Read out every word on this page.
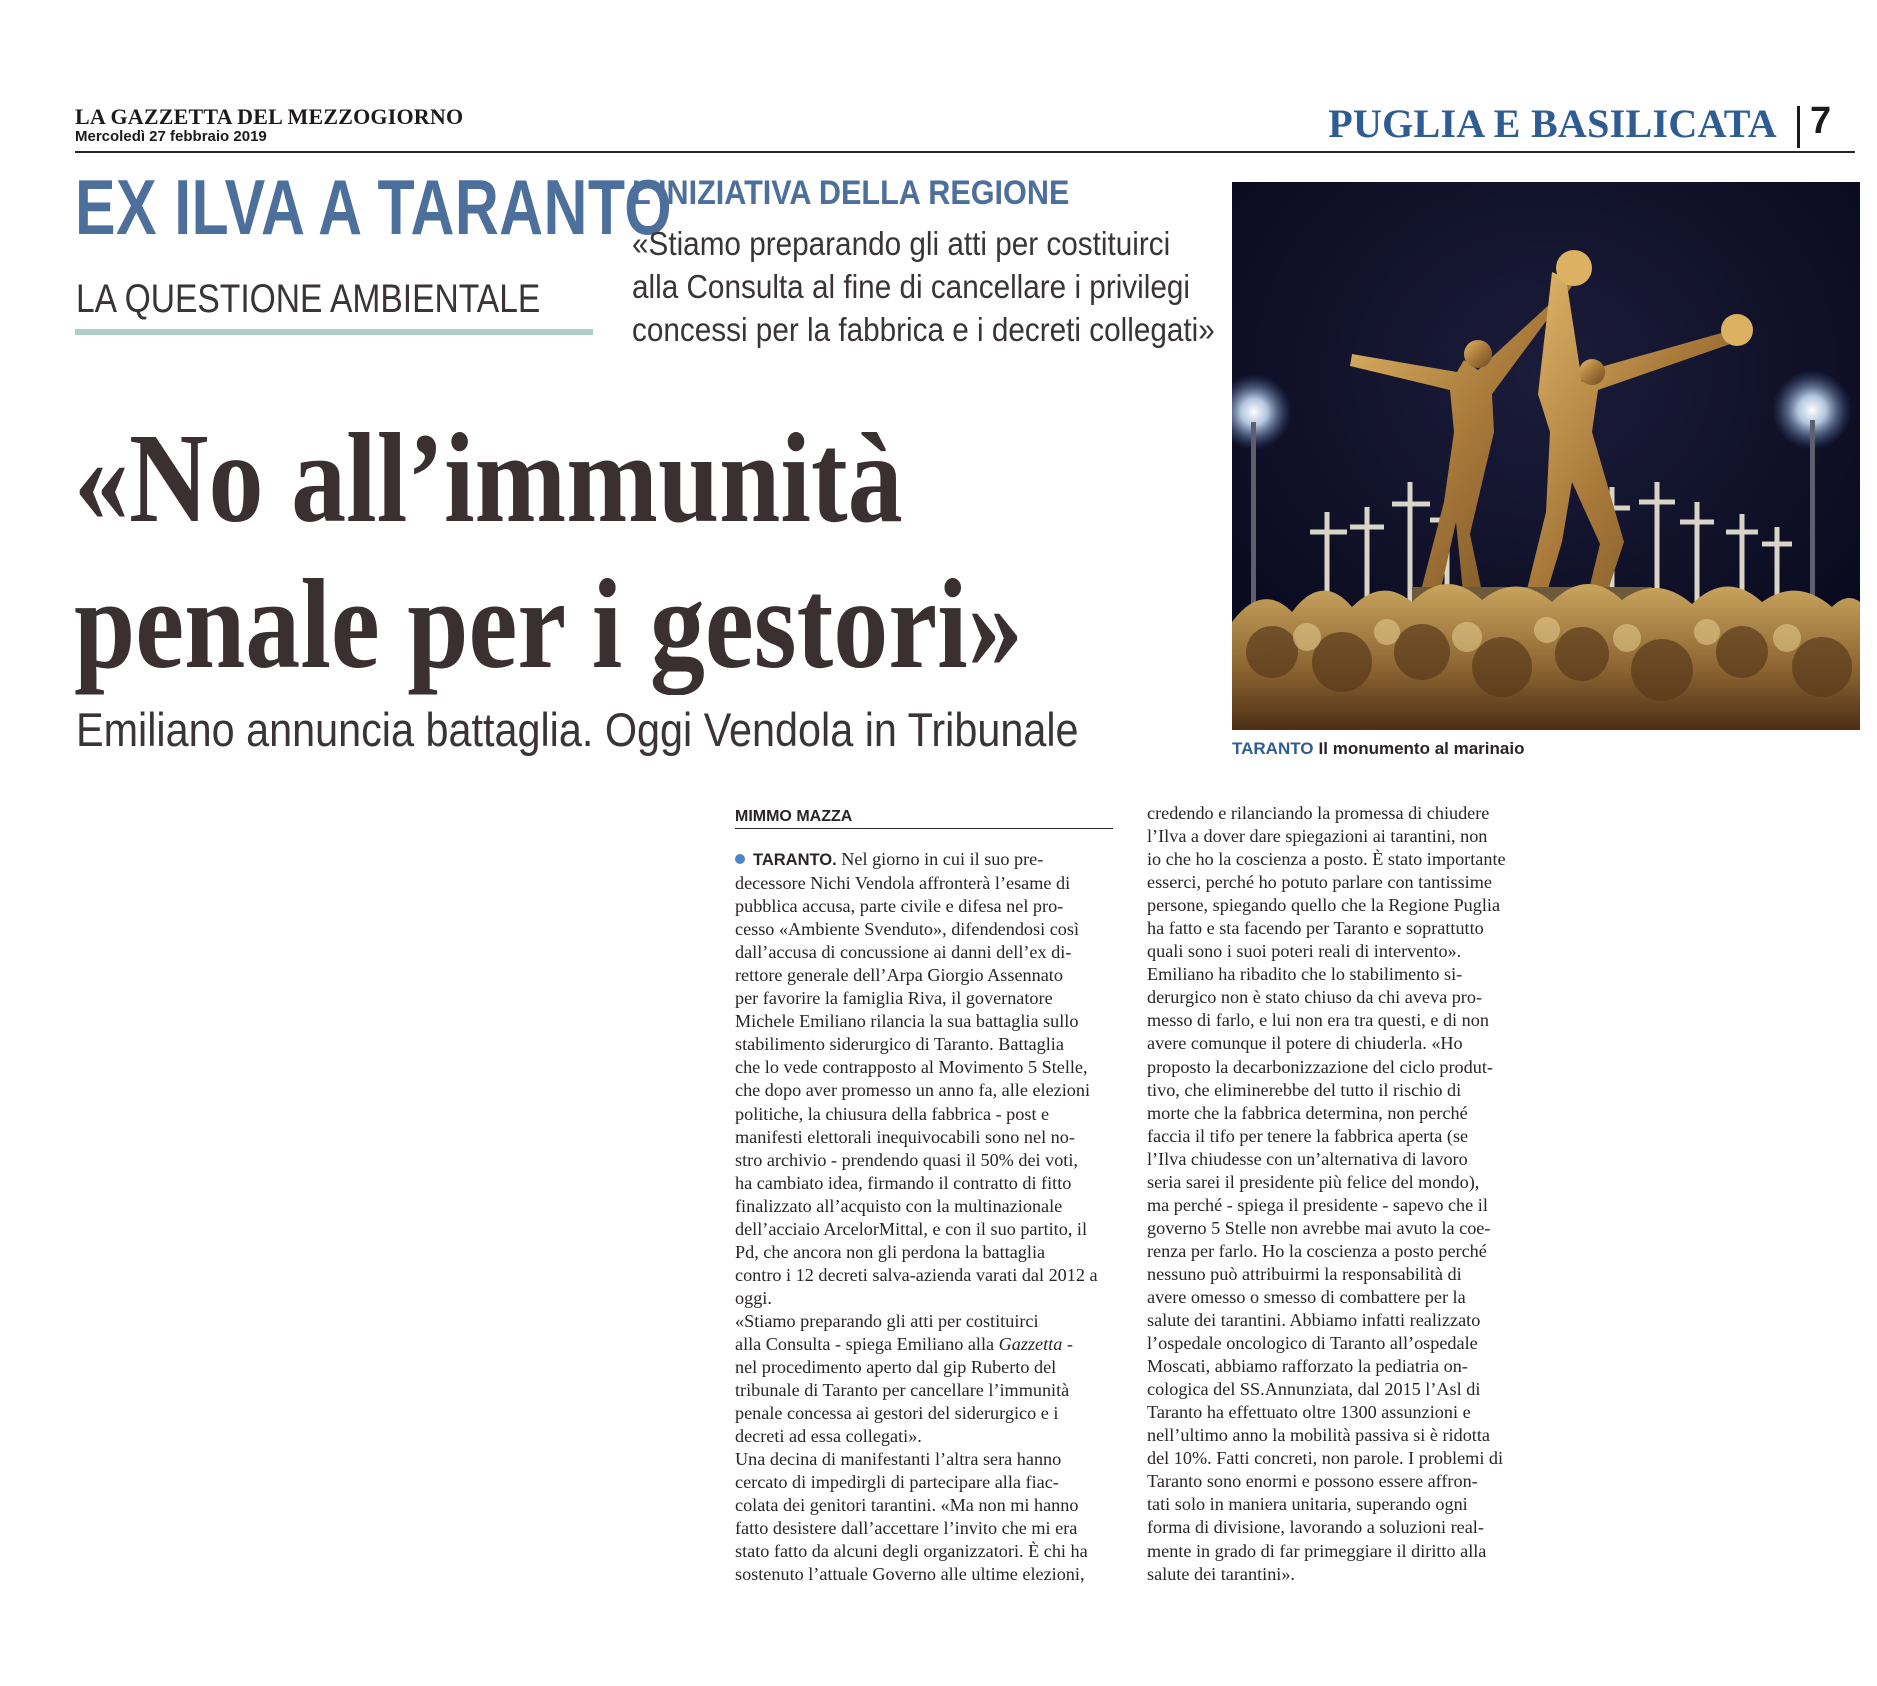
LA GAZZETTA DEL MEZZOGIORNO
Mercoledì 27 febbraio 2019	PUGLIA E BASILICATA 7
EX ILVA A TARANTO
LA QUESTIONE AMBIENTALE
L'INIZIATIVA DELLA REGIONE
«Stiamo preparando gli atti per costituirci
alla Consulta al fine di cancellare i privilegi
concessi per la fabbrica e i decreti collegati»
«No all’immunità
penale per i gestori»
Emiliano annuncia battaglia. Oggi Vendola in Tribunale	TARANTO Il monumento al marinaio
MIMMO MAZZA
TARANTO. Nel giorno in cui il suo pre-
decessore Nichi Vendola affronterà l’esame di
pubblica accusa, parte civile e difesa nel pro-
cesso «Ambiente Svenduto», difendendosi così
dall’accusa di concussione ai danni dell’ex di-
rettore generale dell’Arpa Giorgio Assennato
per favorire la famiglia Riva, il governatore
Michele Emiliano rilancia la sua battaglia sullo
stabilimento siderurgico di Taranto. Battaglia
che lo vede contrapposto al Movimento 5 Stelle,
che dopo aver promesso un anno fa, alle elezioni
politiche, la chiusura della fabbrica - post e
manifesti elettorali inequivocabili sono nel no-
stro archivio - prendendo quasi il 50% dei voti,
ha cambiato idea, firmando il contratto di fitto
finalizzato all’acquisto con la multinazionale
dell’acciaio ArcelorMittal, e con il suo partito, il
Pd, che ancora non gli perdona la battaglia
contro i 12 decreti salva-azienda varati dal 2012 a
oggi.
«Stiamo preparando gli atti per costituirci
alla Consulta - spiega Emiliano alla Gazzetta -
nel procedimento aperto dal gip Ruberto del
tribunale di Taranto per cancellare l’immunità
penale concessa ai gestori del siderurgico e i
decreti ad essa collegati».
Una decina di manifestanti l’altra sera hanno
cercato di impedirgli di partecipare alla fiac-
colata dei genitori tarantini. «Ma non mi hanno
fatto desistere dall’accettare l’invito che mi era
stato fatto da alcuni degli organizzatori. È chi ha
sostenuto l’attuale Governo alle ultime elezioni,
credendo e rilanciando la promessa di chiudere
l’Ilva a dover dare spiegazioni ai tarantini, non
io che ho la coscienza a posto. È stato importante
esserci, perché ho potuto parlare con tantissime
persone, spiegando quello che la Regione Puglia
ha fatto e sta facendo per Taranto e soprattutto
quali sono i suoi poteri reali di intervento».
Emiliano ha ribadito che lo stabilimento si-
derurgico non è stato chiuso da chi aveva pro-
messo di farlo, e lui non era tra questi, e di non
avere comunque il potere di chiuderla. «Ho
proposto la decarbonizzazione del ciclo produt-
tivo, che eliminerebbe del tutto il rischio di
morte che la fabbrica determina, non perché
faccia il tifo per tenere la fabbrica aperta (se
l’Ilva chiudesse con un’alternativa di lavoro
seria sarei il presidente più felice del mondo),
ma perché - spiega il presidente - sapevo che il
governo 5 Stelle non avrebbe mai avuto la coe-
renza per farlo. Ho la coscienza a posto perché
nessuno può attribuirmi la responsabilità di
avere omesso o smesso di combattere per la
salute dei tarantini. Abbiamo infatti realizzato
l’ospedale oncologico di Taranto all’ospedale
Moscati, abbiamo rafforzato la pediatria on-
cologica del SS.Annunziata, dal 2015 l’Asl di
Taranto ha effettuato oltre 1300 assunzioni e
nell’ultimo anno la mobilità passiva si è ridotta
del 10%. Fatti concreti, non parole. I problemi di
Taranto sono enormi e possono essere affron-
tati solo in maniera unitaria, superando ogni
forma di divisione, lavorando a soluzioni real-
mente in grado di far primeggiare il diritto alla
salute dei tarantini».
